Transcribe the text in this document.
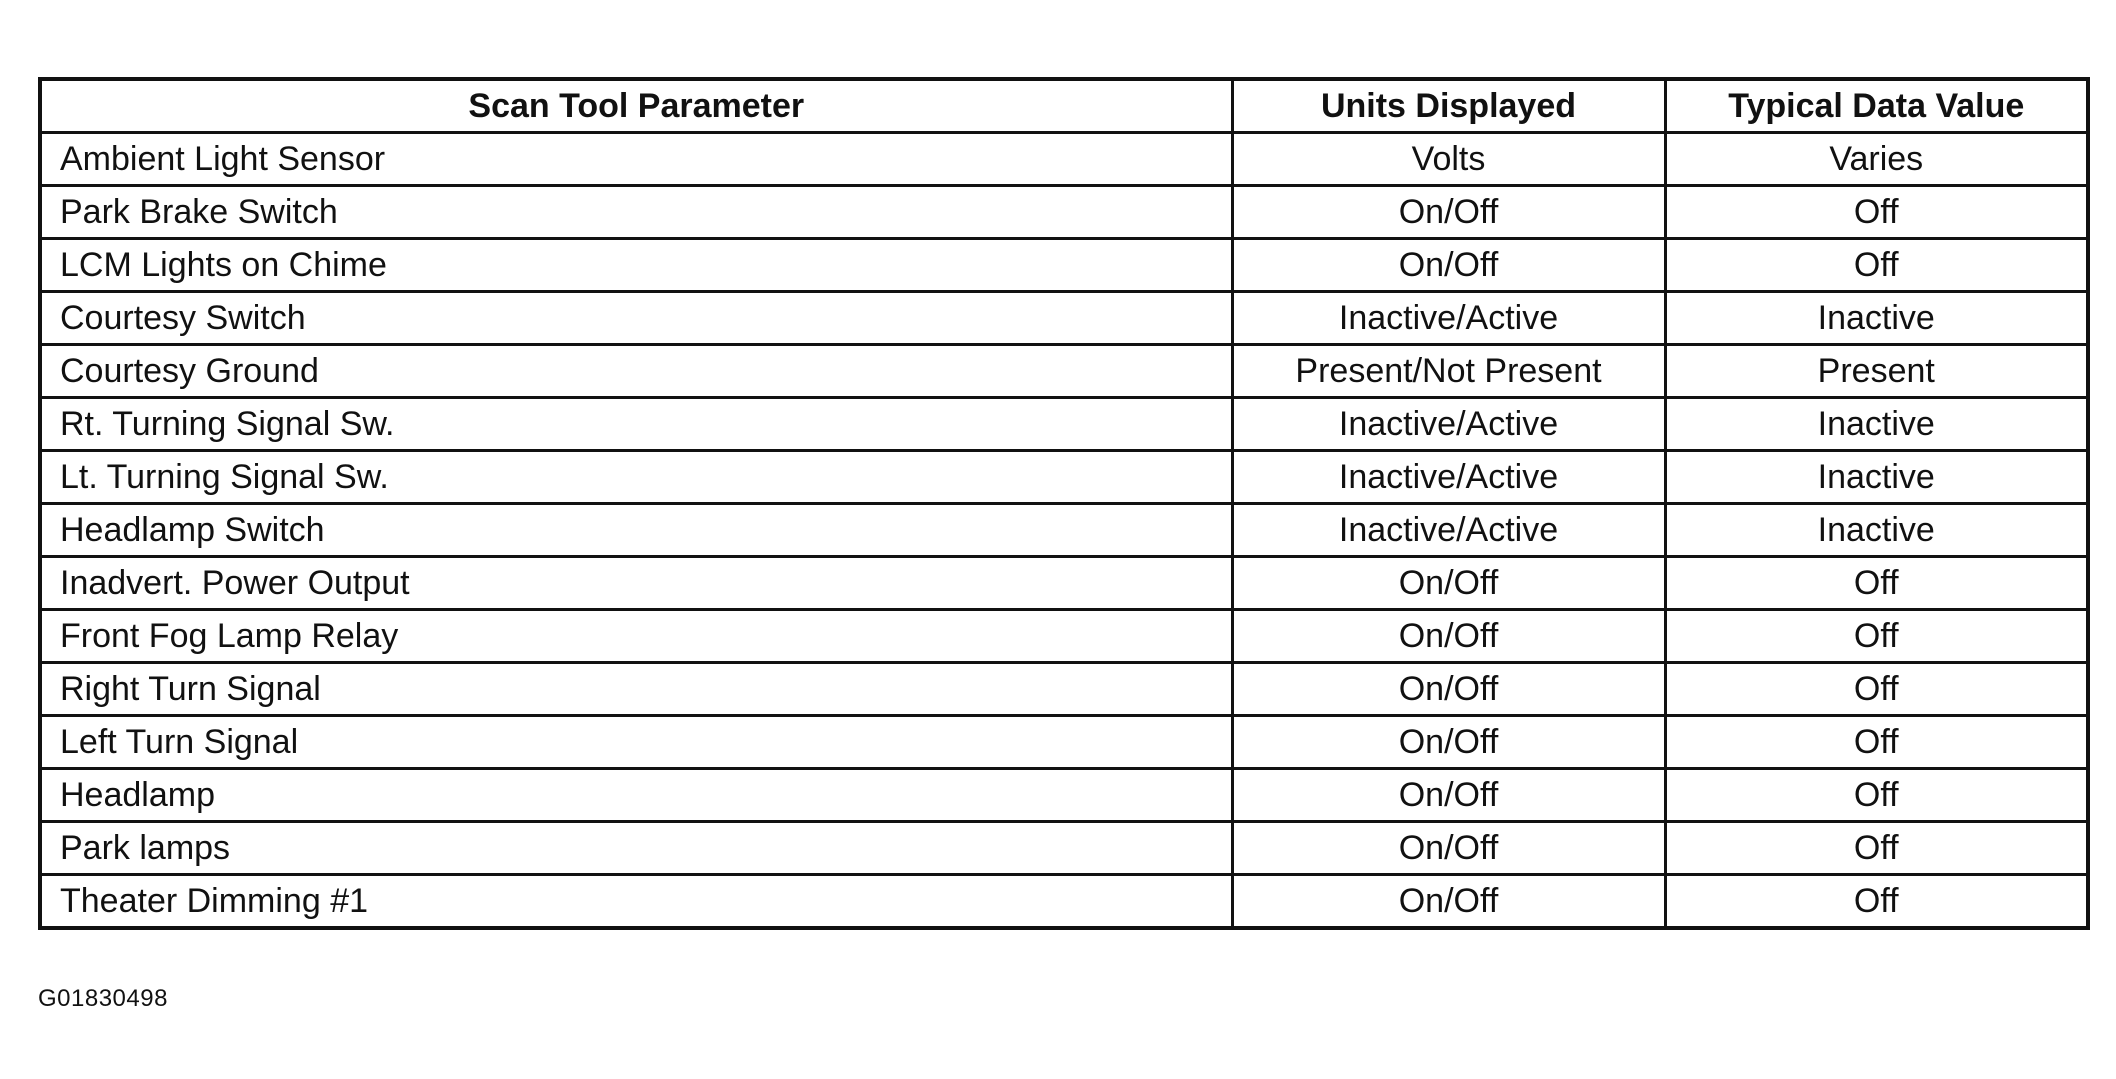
Scan Tool Parameter	Units Displayed	Typical Data Value
Ambient Light Sensor	Volts	Varies
Park Brake Switch	On/Off	Off
LCM Lights on Chime	On/Off	Off
Courtesy Switch	Inactive/Active	Inactive
Courtesy Ground	Present/Not Present	Present
Rt. Turning Signal Sw.	Inactive/Active	Inactive
Lt. Turning Signal Sw.	Inactive/Active	Inactive
Headlamp Switch	Inactive/Active	Inactive
Inadvert. Power Output	On/Off	Off
Front Fog Lamp Relay	On/Off	Off
Right Turn Signal	On/Off	Off
Left Turn Signal	On/Off	Off
Headlamp	On/Off	Off
Park lamps	On/Off	Off
Theater Dimming #1	On/Off	Off
G01830498
